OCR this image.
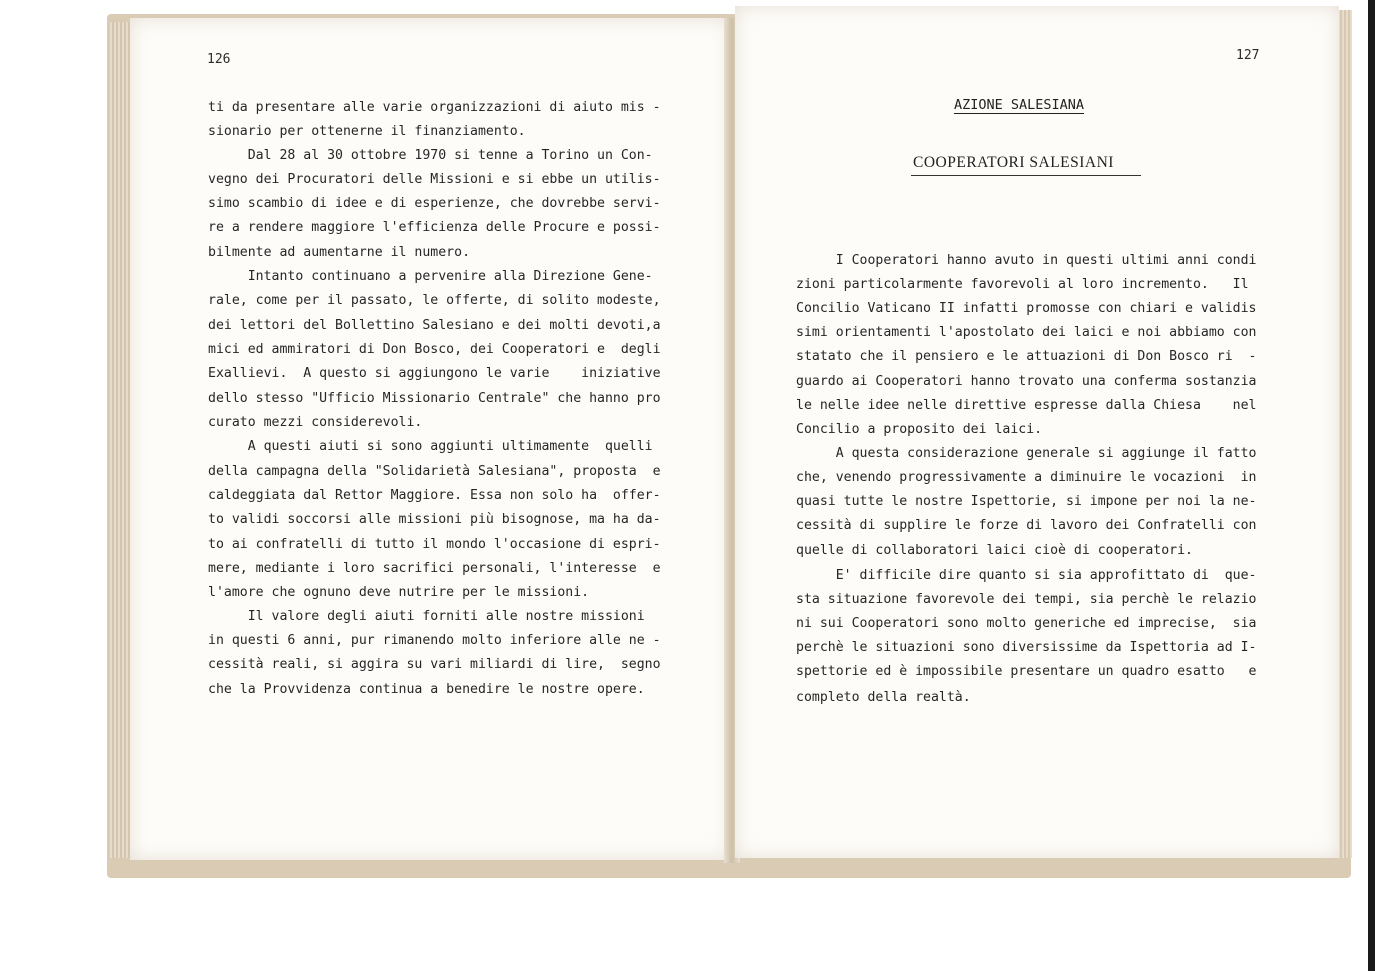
126
ti da presentare alle varie organizzazioni di aiuto mis -
sionario per ottenerne il finanziamento.
Dal 28 al 30 ottobre 1970 si tenne a Torino un Con-
vegno dei Procuratori delle Missioni e si ebbe un utilis-
simo scambio di idee e di esperienze, che dovrebbe servi-
re a rendere maggiore l'efficienza delle Procure e possi-
bilmente ad aumentarne il numero.
Intanto continuano a pervenire alla Direzione Gene-
rale, come per il passato, le offerte, di solito modeste,
dei lettori del Bollettino Salesiano e dei molti devoti,a
mici ed ammiratori di Don Bosco, dei Cooperatori e  degli
Exallievi.  A questo si aggiungono le varie    iniziative
dello stesso "Ufficio Missionario Centrale" che hanno pro
curato mezzi considerevoli.
A questi aiuti si sono aggiunti ultimamente  quelli
della campagna della "Solidarietà Salesiana", proposta  e
caldeggiata dal Rettor Maggiore. Essa non solo ha  offer-
to validi soccorsi alle missioni più bisognose, ma ha da-
to ai confratelli di tutto il mondo l'occasione di espri-
mere, mediante i loro sacrifici personali, l'interesse  e
l'amore che ognuno deve nutrire per le missioni.
Il valore degli aiuti forniti alle nostre missioni
in questi 6 anni, pur rimanendo molto inferiore alle ne -
cessità reali, si aggira su vari miliardi di lire,  segno
che la Provvidenza continua a benedire le nostre opere.
127
AZIONE SALESIANA
COOPERATORI SALESIANI
I Cooperatori hanno avuto in questi ultimi anni condi
zioni particolarmente favorevoli al loro incremento.   Il
Concilio Vaticano II infatti promosse con chiari e validis
simi orientamenti l'apostolato dei laici e noi abbiamo con
statato che il pensiero e le attuazioni di Don Bosco ri  -
guardo ai Cooperatori hanno trovato una conferma sostanzia
le nelle idee nelle direttive espresse dalla Chiesa    nel
Concilio a proposito dei laici.
A questa considerazione generale si aggiunge il fatto
che, venendo progressivamente a diminuire le vocazioni  in
quasi tutte le nostre Ispettorie, si impone per noi la ne-
cessità di supplire le forze di lavoro dei Confratelli con
quelle di collaboratori laici cioè di cooperatori.
E' difficile dire quanto si sia approfittato di  que-
sta situazione favorevole dei tempi, sia perchè le relazio
ni sui Cooperatori sono molto generiche ed imprecise,  sia
perchè le situazioni sono diversissime da Ispettoria ad I-
spettorie ed è impossibile presentare un quadro esatto   e
completo della realtà.
